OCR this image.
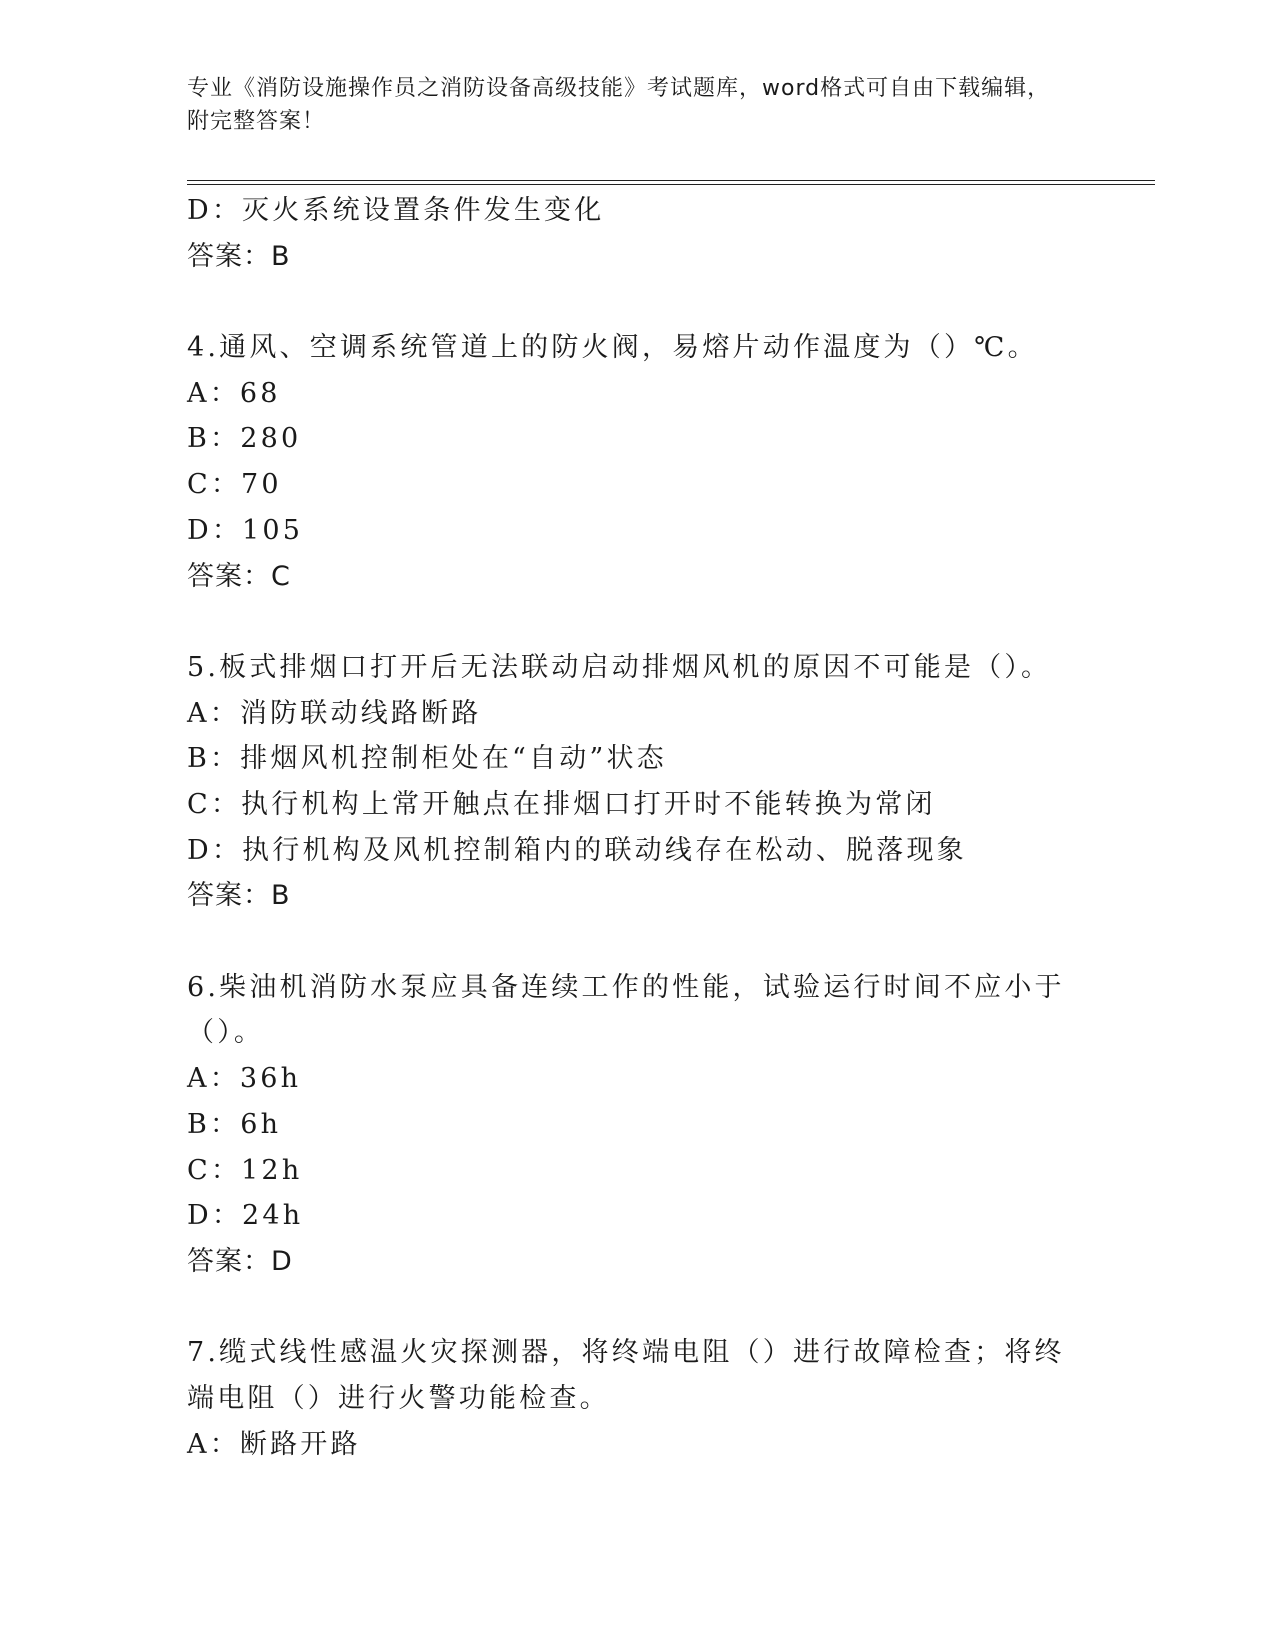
专业《消防设施操作员之消防设备高级技能》考试题库，word格式可自由下载编辑，附完整答案！
D：灭火系统设置条件发生变化
答案：B
4.通风、空调系统管道上的防火阀，易熔片动作温度为（）℃。
A：68
B：280
C：70
D：105
答案：C
5.板式排烟口打开后无法联动启动排烟风机的原因不可能是（）。
A：消防联动线路断路
B：排烟风机控制柜处在“自动”状态
C：执行机构上常开触点在排烟口打开时不能转换为常闭
D：执行机构及风机控制箱内的联动线存在松动、脱落现象
答案：B
6.柴油机消防水泵应具备连续工作的性能，试验运行时间不应小于（）。
A：36h
B：6h
C：12h
D：24h
答案：D
7.缆式线性感温火灾探测器，将终端电阻（）进行故障检查；将终端电阻（）进行火警功能检查。
A：断路开路
